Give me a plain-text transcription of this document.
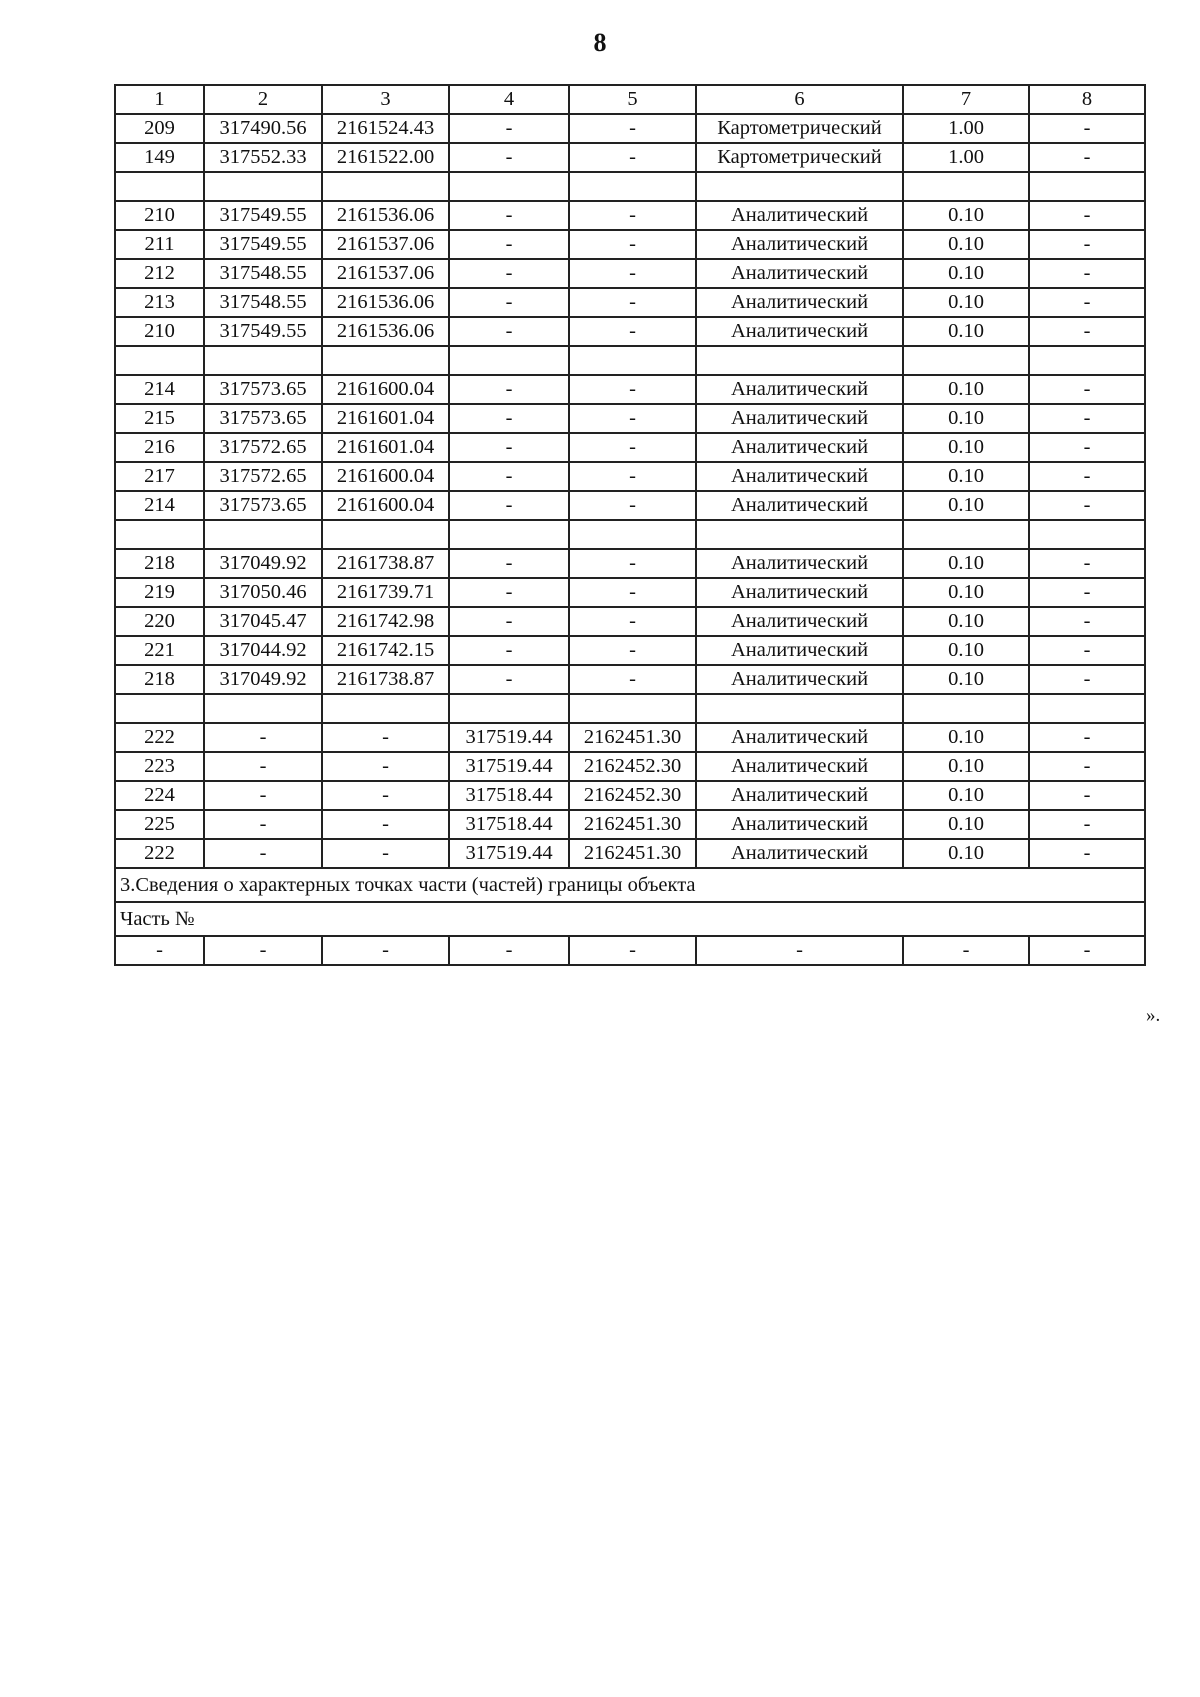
8
1	2	3	4	5	6	7	8
209	317490.56	2161524.43	-	-	Картометрический	1.00	-
149	317552.33	2161522.00	-	-	Картометрический	1.00	-

210	317549.55	2161536.06	-	-	Аналитический	0.10	-
211	317549.55	2161537.06	-	-	Аналитический	0.10	-
212	317548.55	2161537.06	-	-	Аналитический	0.10	-
213	317548.55	2161536.06	-	-	Аналитический	0.10	-
210	317549.55	2161536.06	-	-	Аналитический	0.10	-

214	317573.65	2161600.04	-	-	Аналитический	0.10	-
215	317573.65	2161601.04	-	-	Аналитический	0.10	-
216	317572.65	2161601.04	-	-	Аналитический	0.10	-
217	317572.65	2161600.04	-	-	Аналитический	0.10	-
214	317573.65	2161600.04	-	-	Аналитический	0.10	-

218	317049.92	2161738.87	-	-	Аналитический	0.10	-
219	317050.46	2161739.71	-	-	Аналитический	0.10	-
220	317045.47	2161742.98	-	-	Аналитический	0.10	-
221	317044.92	2161742.15	-	-	Аналитический	0.10	-
218	317049.92	2161738.87	-	-	Аналитический	0.10	-

222	-	-	317519.44	2162451.30	Аналитический	0.10	-
223	-	-	317519.44	2162452.30	Аналитический	0.10	-
224	-	-	317518.44	2162452.30	Аналитический	0.10	-
225	-	-	317518.44	2162451.30	Аналитический	0.10	-
222	-	-	317519.44	2162451.30	Аналитический	0.10	-
3.Сведения о характерных точках части (частей) границы объекта							
Часть №							
-	-	-	-	-	-	-	-
».
